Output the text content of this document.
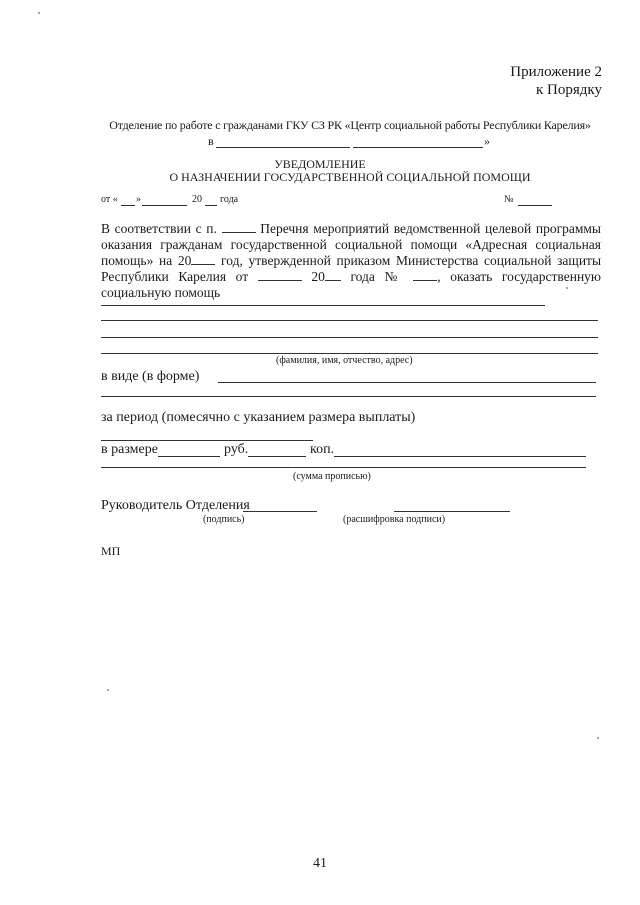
Приложение 2
к Порядку
Отделение по работе с гражданами ГКУ СЗ РК «Центр социальной работы Республики Карелия»
в	»
УВЕДОМЛЕНИЕ
О НАЗНАЧЕНИИ ГОСУДАРСТВЕННОЙ СОЦИАЛЬНОЙ ПОМОЩИ
от « »	20 года	№
В соответствии с п.	Перечня мероприятий ведомственной целевой программы оказания гражданам государственной социальной помощи «Адресная социальная помощь» на 20 год, утвержденной приказом Министерства социальной защиты Республики Карелия от	20 года № , оказать государственную социальную помощь
(фамилия, имя, отчество, адрес)
в виде (в форме)
за период (помесячно с указанием размера выплаты)
в размере	руб.	коп.
(сумма прописью)
Руководитель Отделения
(подпись)	(расшифровка подписи)
МП
41
